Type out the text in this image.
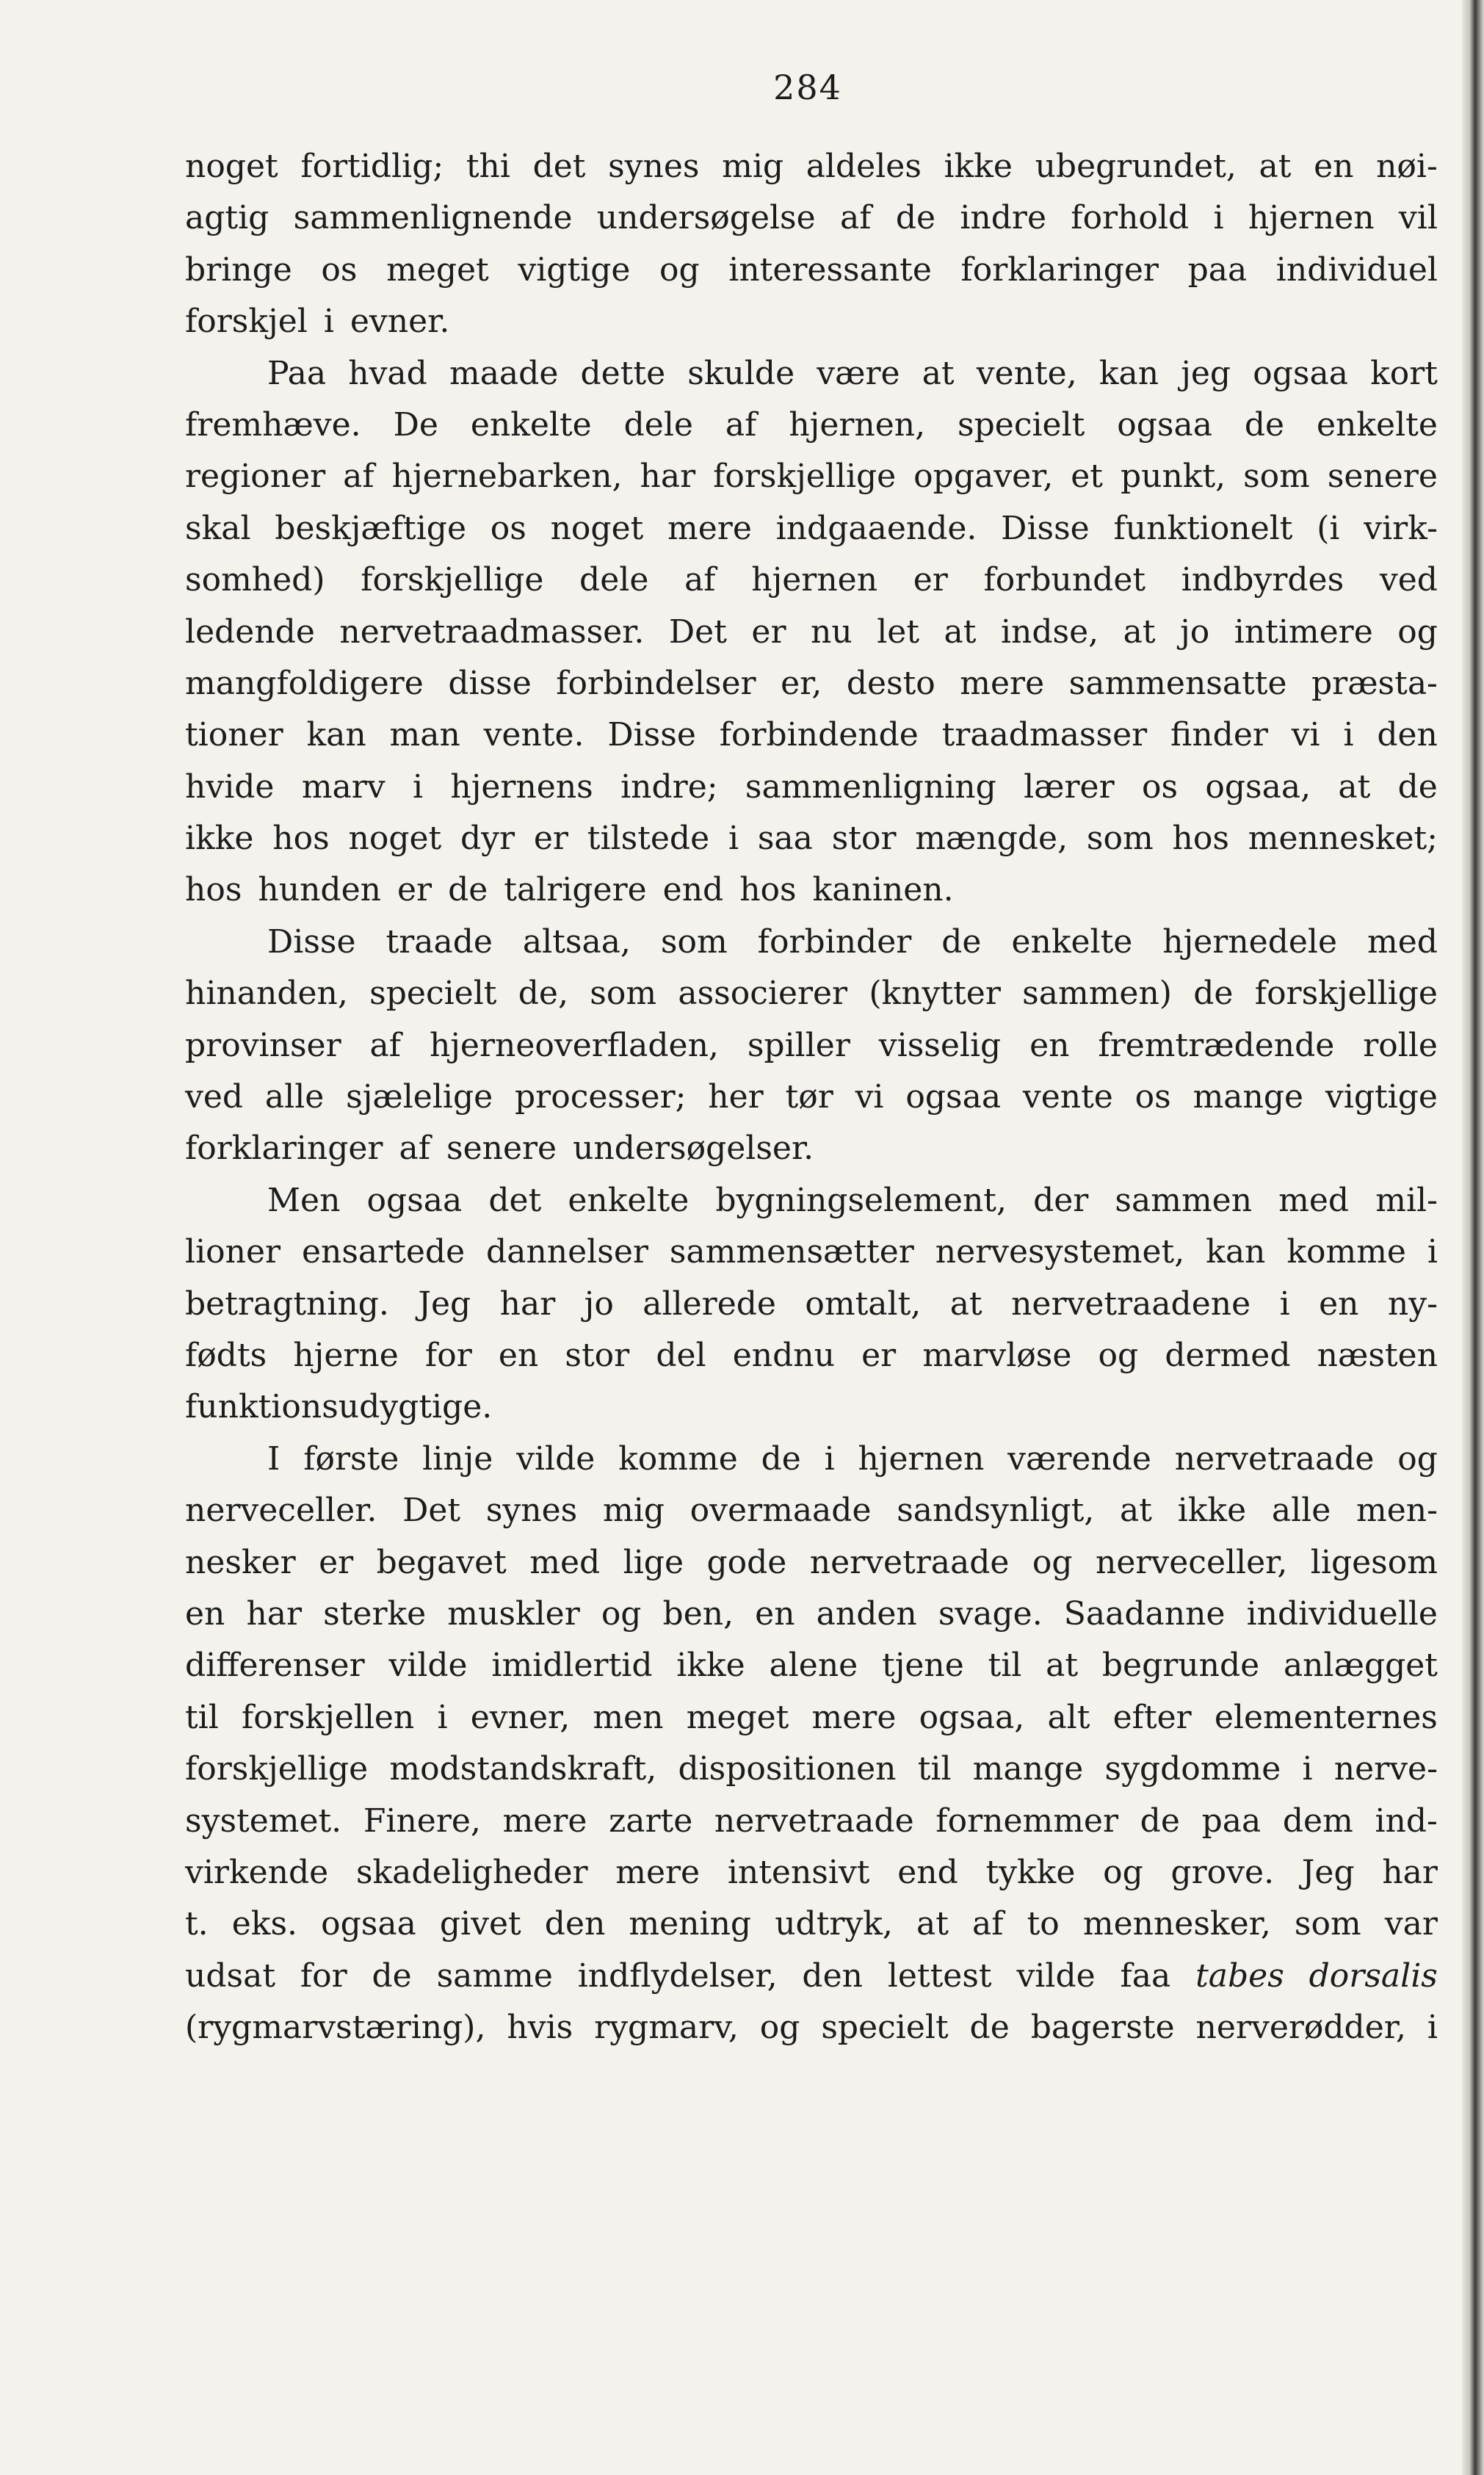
284
noget fortidlig; thi det synes mig aldeles ikke ubegrundet, at en nøi-
agtig sammenlignende undersøgelse af de indre forhold i hjernen vil
bringe os meget vigtige og interessante forklaringer paa individuel
forskjel i evner.
Paa hvad maade dette skulde være at vente, kan jeg ogsaa kort
fremhæve. De enkelte dele af hjernen, specielt ogsaa de enkelte
regioner af hjernebarken, har forskjellige opgaver, et punkt, som senere
skal beskjæftige os noget mere indgaaende. Disse funktionelt (i virk-
somhed) forskjellige dele af hjernen er forbundet indbyrdes ved
ledende nervetraadmasser. Det er nu let at indse, at jo intimere og
mangfoldigere disse forbindelser er, desto mere sammensatte præsta-
tioner kan man vente. Disse forbindende traadmasser finder vi i den
hvide marv i hjernens indre; sammenligning lærer os ogsaa, at de
ikke hos noget dyr er tilstede i saa stor mængde, som hos mennesket;
hos hunden er de talrigere end hos kaninen.
Disse traade altsaa, som forbinder de enkelte hjernedele med
hinanden, specielt de, som associerer (knytter sammen) de forskjellige
provinser af hjerneoverfladen, spiller visselig en fremtrædende rolle
ved alle sjælelige processer; her tør vi ogsaa vente os mange vigtige
forklaringer af senere undersøgelser.
Men ogsaa det enkelte bygningselement, der sammen med mil-
lioner ensartede dannelser sammensætter nervesystemet, kan komme i
betragtning. Jeg har jo allerede omtalt, at nervetraadene i en ny-
fødts hjerne for en stor del endnu er marvløse og dermed næsten
funktionsudygtige.
I første linje vilde komme de i hjernen værende nervetraade og
nerveceller. Det synes mig overmaade sandsynligt, at ikke alle men-
nesker er begavet med lige gode nervetraade og nerveceller, ligesom
en har sterke muskler og ben, en anden svage. Saadanne individuelle
differenser vilde imidlertid ikke alene tjene til at begrunde anlægget
til forskjellen i evner, men meget mere ogsaa, alt efter elementernes
forskjellige modstandskraft, dispositionen til mange sygdomme i nerve-
systemet. Finere, mere zarte nervetraade fornemmer de paa dem ind-
virkende skadeligheder mere intensivt end tykke og grove. Jeg har
t. eks. ogsaa givet den mening udtryk, at af to mennesker, som var
udsat for de samme indflydelser, den lettest vilde faa tabes dorsalis
(rygmarvstæring), hvis rygmarv, og specielt de bagerste nerverødder, i
